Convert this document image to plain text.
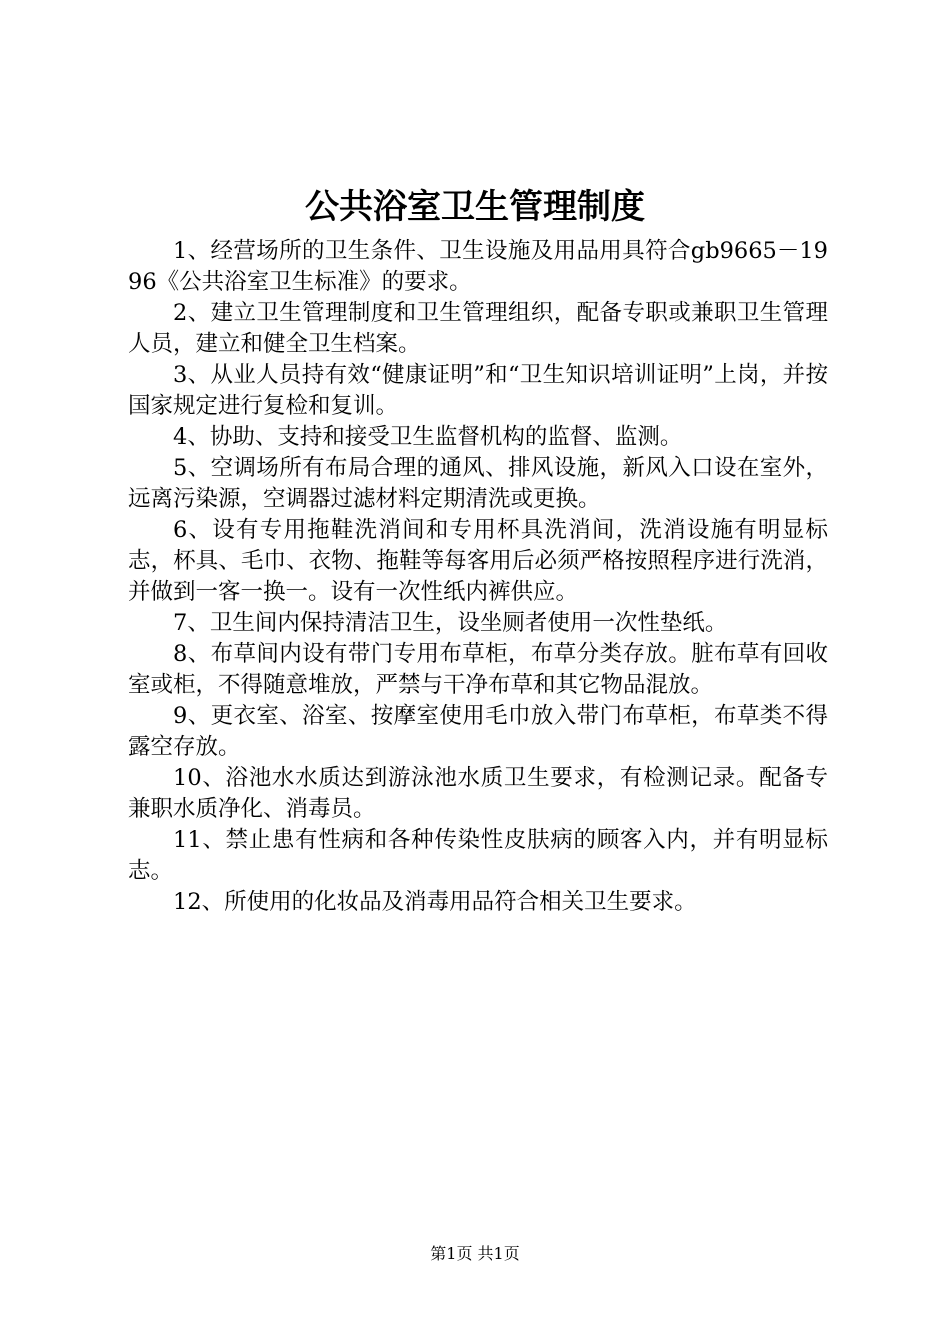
公共浴室卫生管理制度

1、经营场所的卫生条件、卫生设施及用品用具符合gb9665－1996《公共浴室卫生标准》的要求。

2、建立卫生管理制度和卫生管理组织，配备专职或兼职卫生管理人员，建立和健全卫生档案。

3、从业人员持有效“健康证明”和“卫生知识培训证明”上岗，并按国家规定进行复检和复训。

4、协助、支持和接受卫生监督机构的监督、监测。

5、空调场所有布局合理的通风、排风设施，新风入口设在室外，远离污染源，空调器过滤材料定期清洗或更换。

6、设有专用拖鞋洗消间和专用杯具洗消间，洗消设施有明显标志，杯具、毛巾、衣物、拖鞋等每客用后必须严格按照程序进行洗消，并做到一客一换一。设有一次性纸内裤供应。

7、卫生间内保持清洁卫生，设坐厕者使用一次性垫纸。

8、布草间内设有带门专用布草柜，布草分类存放。脏布草有回收室或柜，不得随意堆放，严禁与干净布草和其它物品混放。

9、更衣室、浴室、按摩室使用毛巾放入带门布草柜，布草类不得露空存放。

10、浴池水水质达到游泳池水质卫生要求，有检测记录。配备专兼职水质净化、消毒员。

11、禁止患有性病和各种传染性皮肤病的顾客入内，并有明显标志。

12、所使用的化妆品及消毒用品符合相关卫生要求。

第1页 共1页
